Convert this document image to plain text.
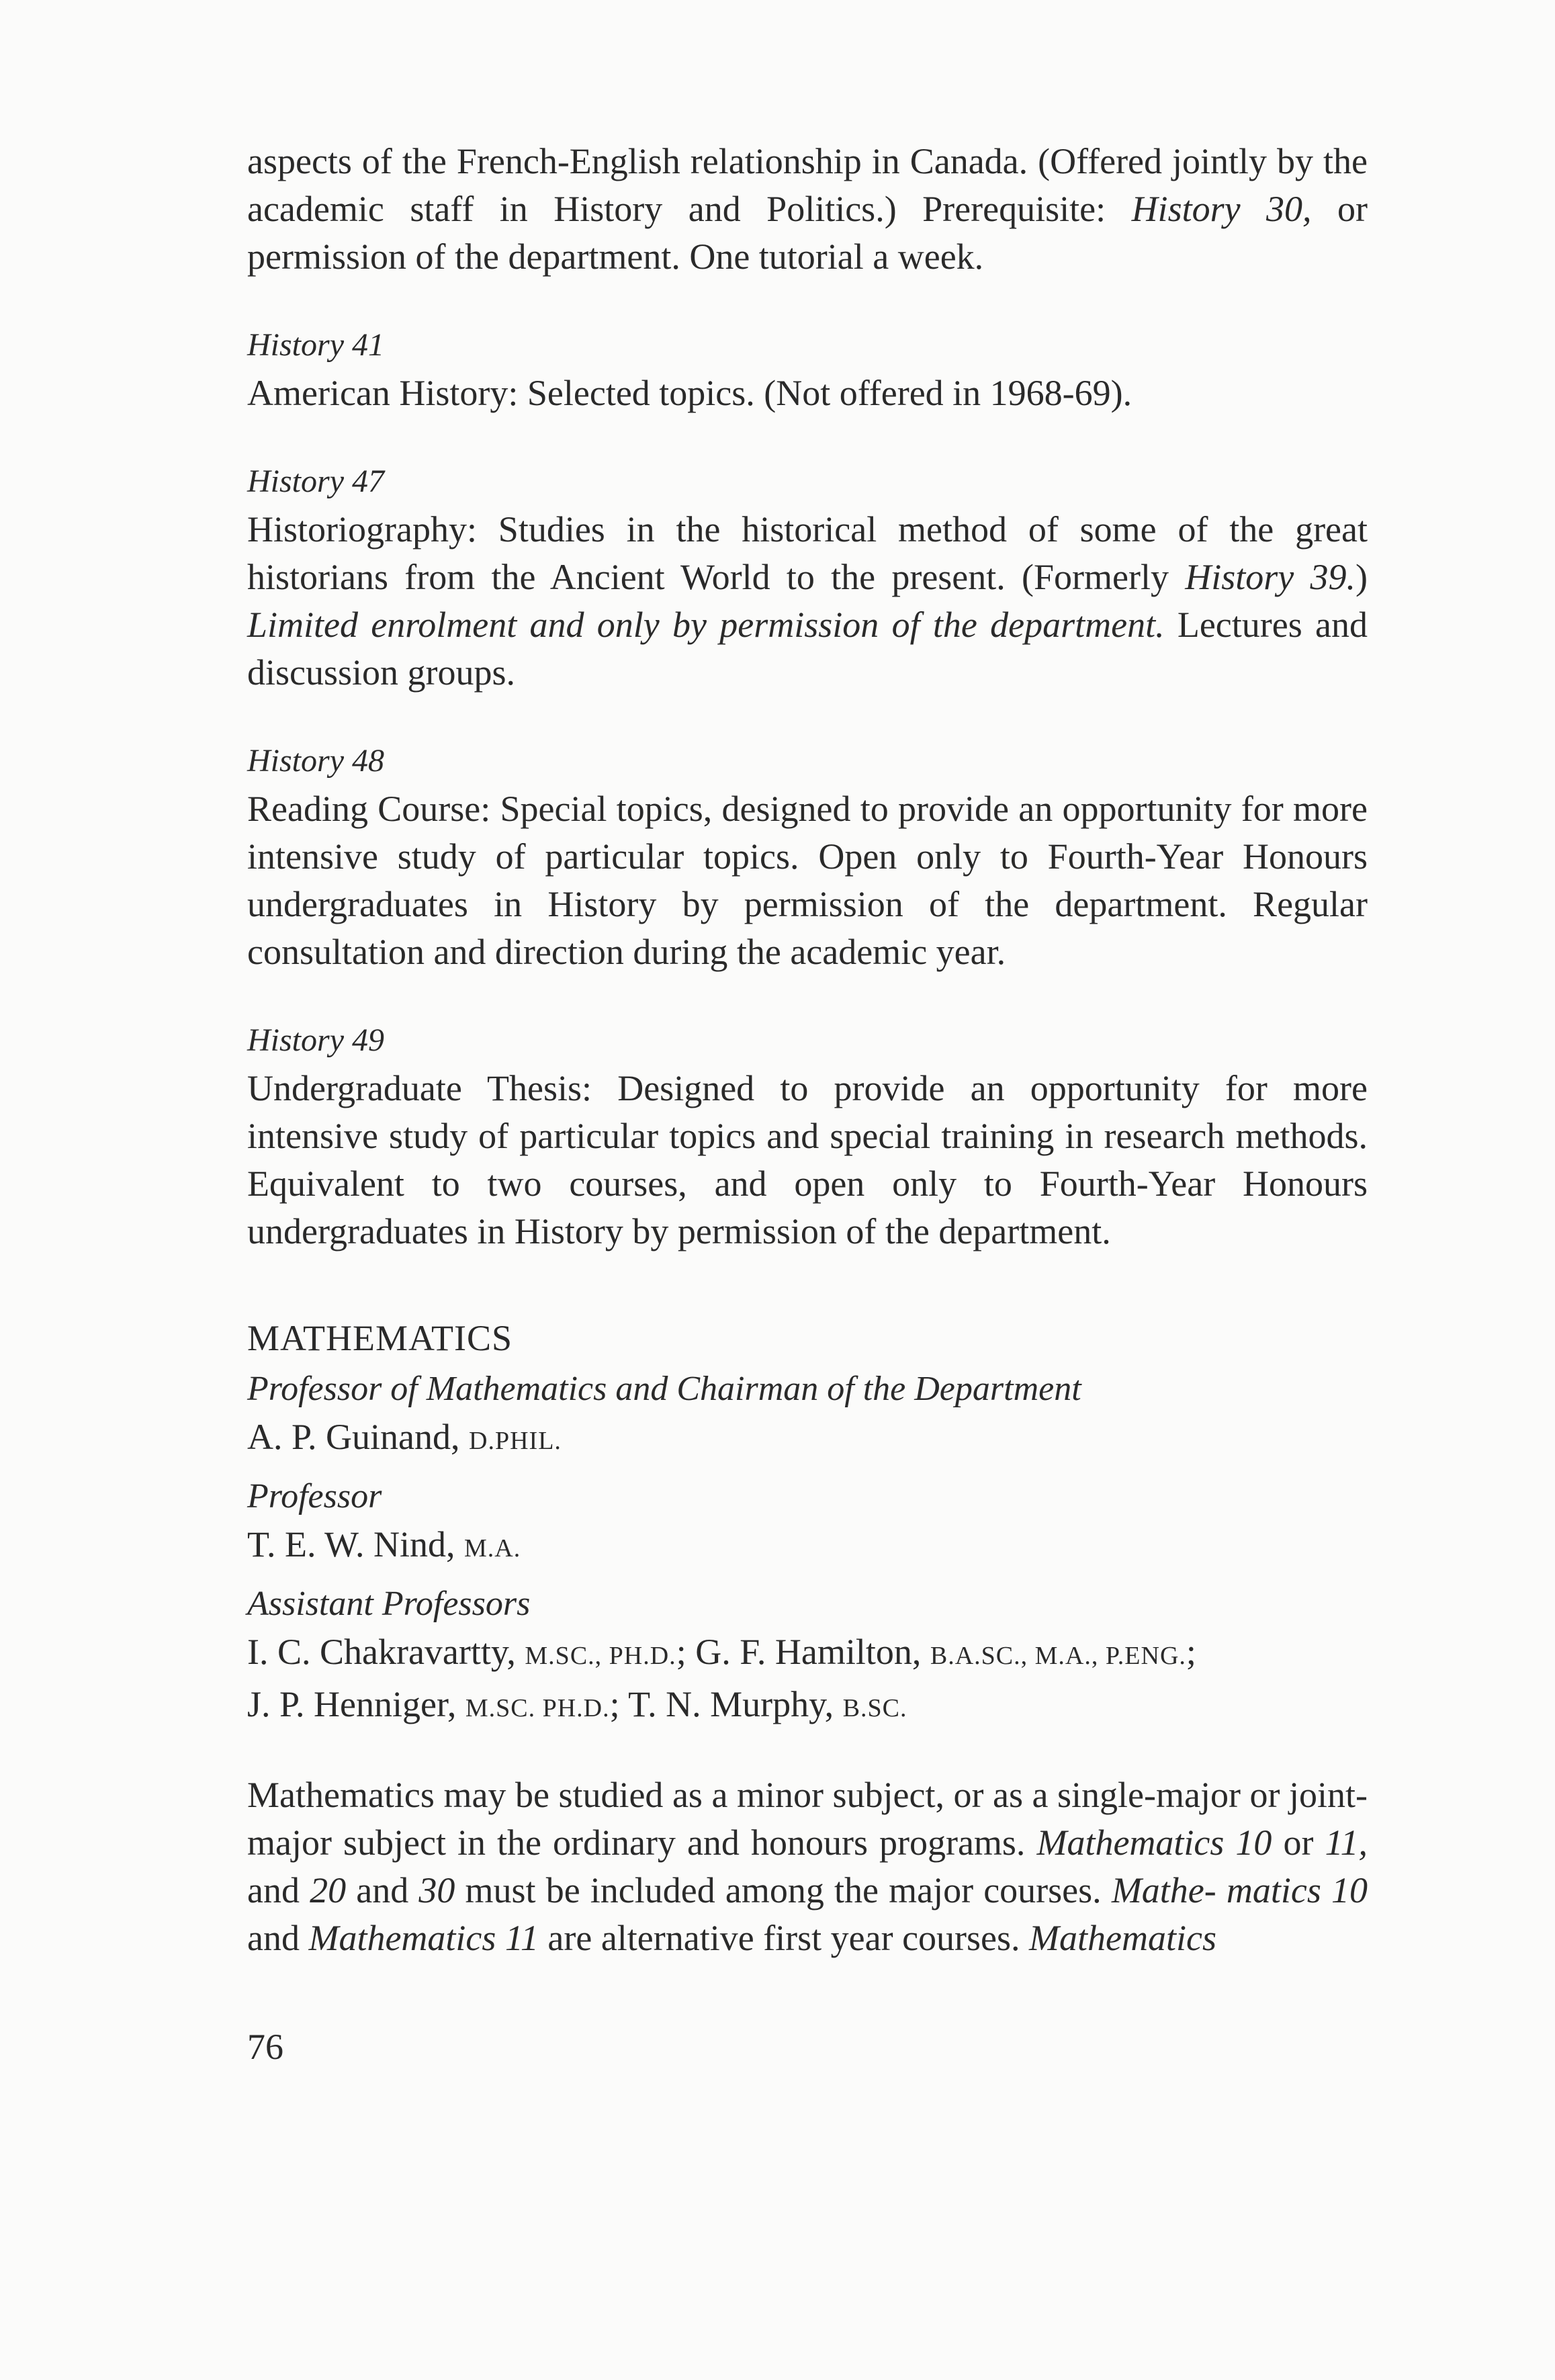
aspects of the French-English relationship in Canada. (Offered jointly by the academic staff in History and Politics.) Prerequisite: History 30, or permission of the department. One tutorial a week.

History 41

American History: Selected topics. (Not offered in 1968-69).

History 47

Historiography: Studies in the historical method of some of the great historians from the Ancient World to the present. (Formerly History 39.) Limited enrolment and only by permission of the department. Lectures and discussion groups.

History 48

Reading Course: Special topics, designed to provide an opportunity for more intensive study of particular topics. Open only to Fourth-Year Honours undergraduates in History by permission of the department. Regular consultation and direction during the academic year.

History 49

Undergraduate Thesis: Designed to provide an opportunity for more intensive study of particular topics and special training in research methods. Equivalent to two courses, and open only to Fourth-Year Honours undergraduates in History by permission of the department.

MATHEMATICS

Professor of Mathematics and Chairman of the Department

A. P. Guinand, D.PHIL.

Professor

T. E. W. Nind, M.A.

Assistant Professors

I. C. Chakravartty, M.SC., PH.D.; G. F. Hamilton, B.A.SC., M.A., P.ENG.;

J. P. Henniger, M.SC. PH.D.; T. N. Murphy, B.SC.

Mathematics may be studied as a minor subject, or as a single-major or joint-major subject in the ordinary and honours programs. Mathematics 10 or 11, and 20 and 30 must be included among the major courses. Mathe- matics 10 and Mathematics 11 are alternative first year courses. Mathematics

76
